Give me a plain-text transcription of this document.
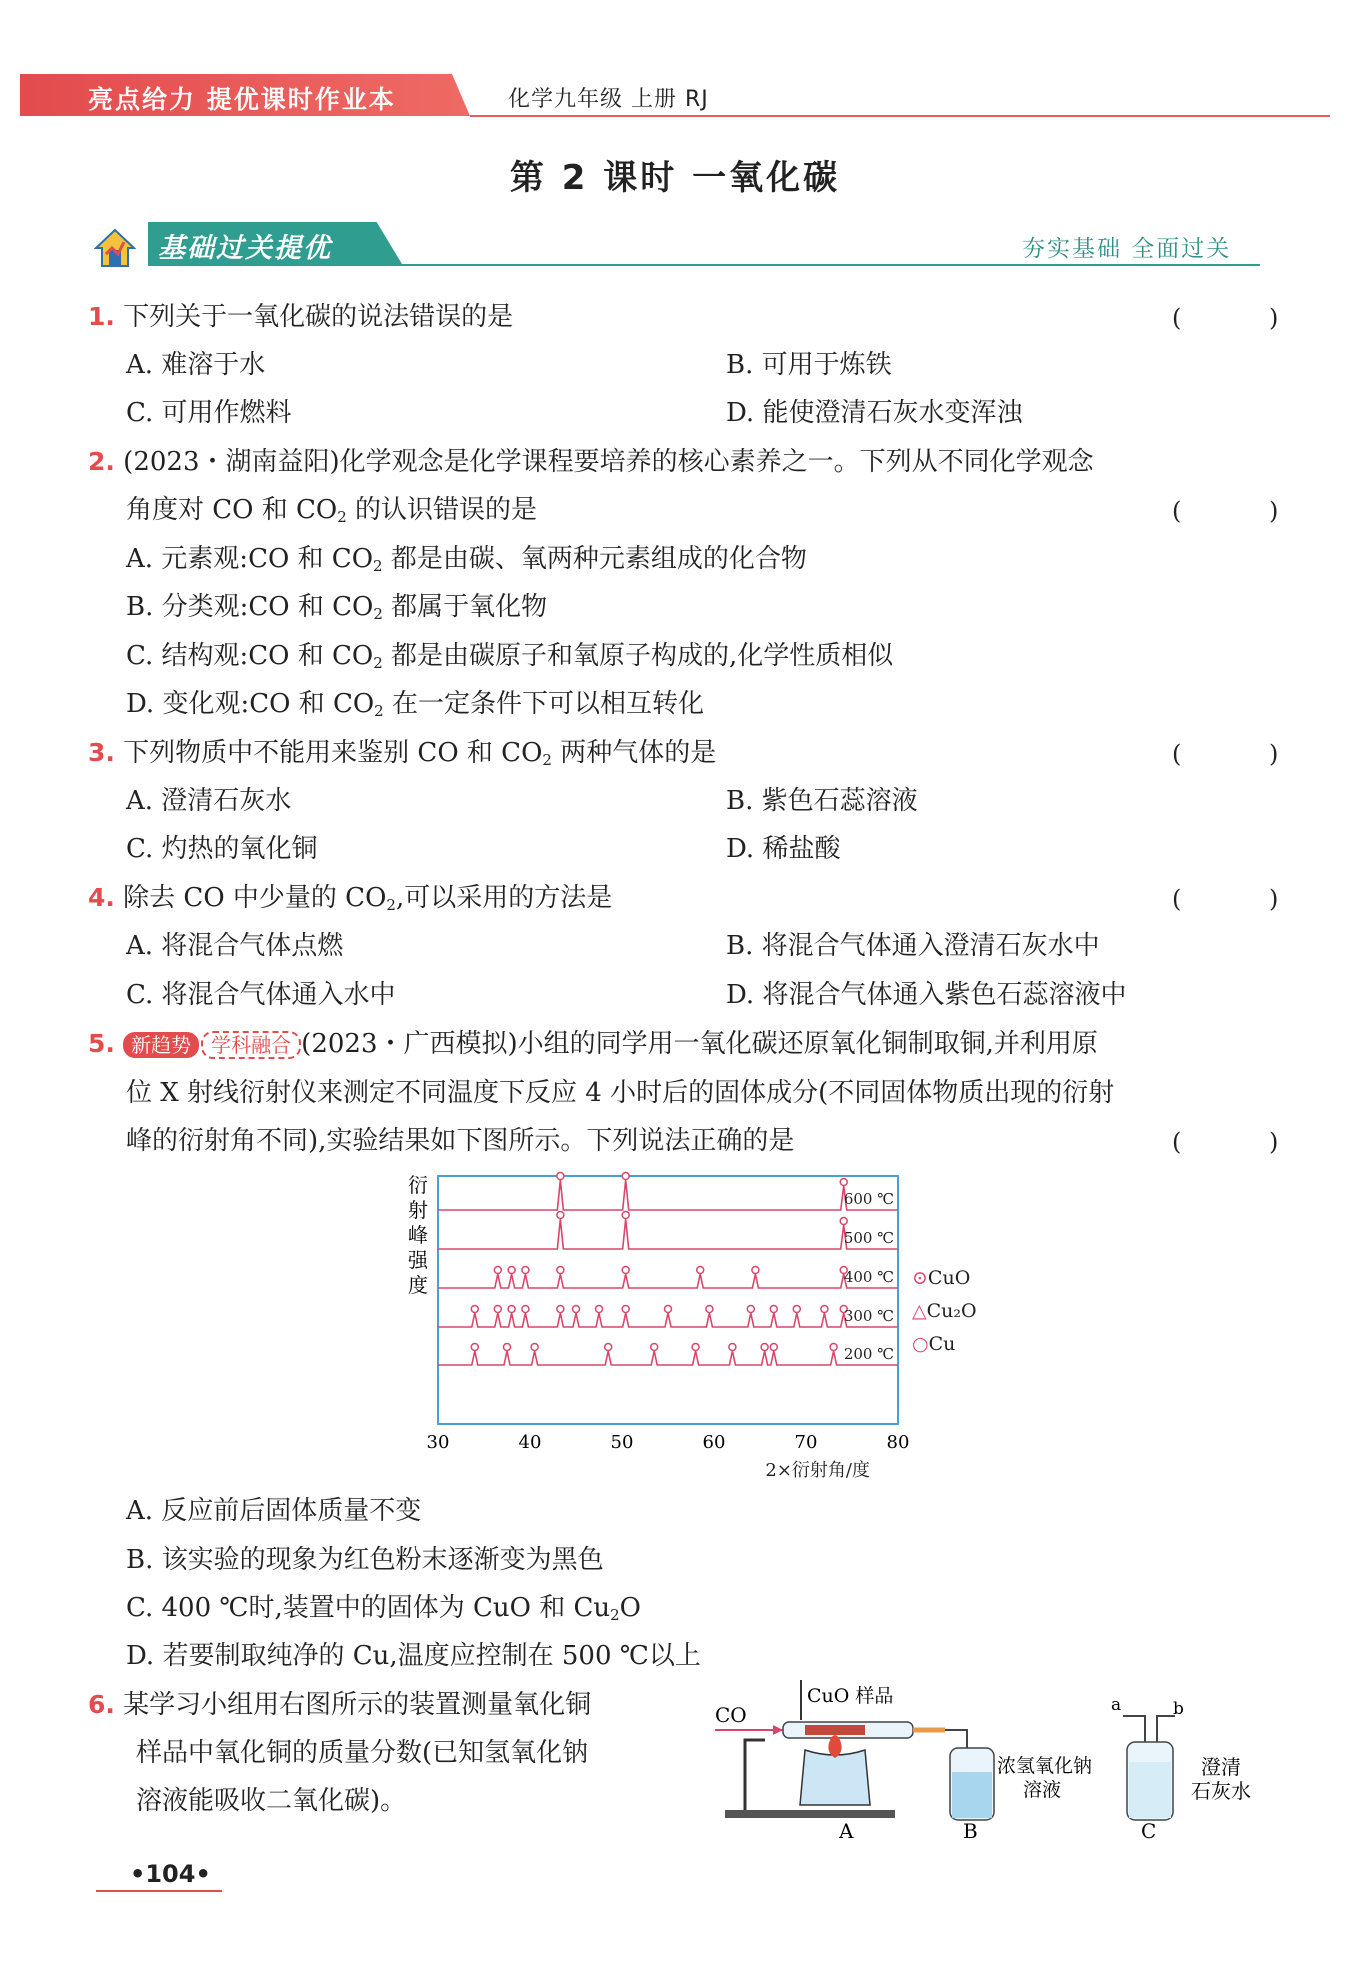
亮点给力 提优课时作业本	化学九年级 上册 RJ
第 2 课时 一氧化碳
基础过关提优	夯实基础 全面过关
1. 下列关于一氧化碳的说法错误的是	( )
A. 难溶于水	B. 可用于炼铁
C. 可用作燃料	D. 能使澄清石灰水变浑浊
2. (2023・湖南益阳)化学观念是化学课程要培养的核心素养之一。下列从不同化学观念
角度对 CO 和 $CO_2$ 的认识错误的是	( )
A. 元素观:CO 和 $CO_2$ 都是由碳、氧两种元素组成的化合物
B. 分类观:CO 和 $CO_2$ 都属于氧化物
C. 结构观:CO 和 $CO_2$ 都是由碳原子和氧原子构成的,化学性质相似
D. 变化观:CO 和 $CO_2$ 在一定条件下可以相互转化
3. 下列物质中不能用来鉴别 CO 和 $CO_2$ 两种气体的是	( )
A. 澄清石灰水	B. 紫色石蕊溶液
C. 灼热的氧化铜	D. 稀盐酸
4. 除去 CO 中少量的 $CO_2$,可以采用的方法是	( )
A. 将混合气体点燃	B. 将混合气体通入澄清石灰水中
C. 将混合气体通入水中	D. 将混合气体通入紫色石蕊溶液中
5. 新趋势 学科融合 (2023・广西模拟)小组的同学用一氧化碳还原氧化铜制取铜,并利用原
位 X 射线衍射仪来测定不同温度下反应 4 小时后的固体成分(不同固体物质出现的衍射
峰的衍射角不同),实验结果如下图所示。下列说法正确的是	( )
衍
射
峰
强
度
600 ℃
500 ℃
400 ℃
300 ℃
200 ℃
30	40	50	60	70	80
2×衍射角/度
⊙CuO
△Cu₂O
○Cu
A. 反应前后固体质量不变
B. 该实验的现象为红色粉末逐渐变为黑色
C. 400 ℃时,装置中的固体为 CuO 和 $Cu_2O$
D. 若要制取纯净的 Cu,温度应控制在 500 ℃以上
6. 某学习小组用右图所示的装置测量氧化铜
样品中氧化铜的质量分数(已知氢氧化钠
溶液能吸收二氧化碳)。
CO
CuO 样品
A	B
浓氢氧化钠
溶液
a	b
C
澄清
石灰水
•104•
